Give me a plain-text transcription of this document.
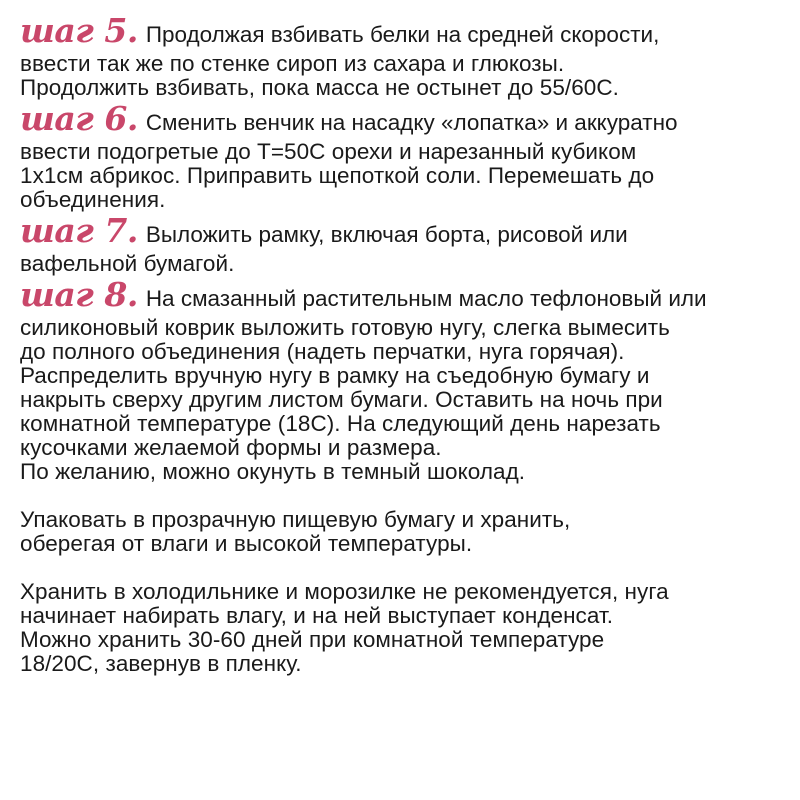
шаг 5. Продолжая взбивать белки на средней скорости,
ввести так же по стенке сироп из сахара и глюкозы.
Продолжить взбивать, пока масса не остынет до 55/60С.
шаг 6. Сменить венчик на насадку «лопатка» и аккуратно
ввести подогретые до Т=50С орехи и нарезанный кубиком
1х1см абрикос. Приправить щепоткой соли. Перемешать до
объединения.
шаг 7. Выложить рамку, включая борта, рисовой или
вафельной бумагой.
шаг 8. На смазанный растительным масло тефлоновый или
силиконовый коврик выложить готовую нугу, слегка вымесить
до полного объединения (надеть перчатки, нуга горячая).
Распределить вручную нугу в рамку на съедобную бумагу и
накрыть сверху другим листом бумаги. Оставить на ночь при
комнатной температуре (18С). На следующий день нарезать
кусочками желаемой формы и размера.
По желанию, можно окунуть в темный шоколад.
Упаковать в прозрачную пищевую бумагу и хранить,
оберегая от влаги и высокой температуры.
Хранить в холодильнике и морозилке не рекомендуется, нуга
начинает набирать влагу, и на ней выступает конденсат.
Можно хранить 30-60 дней при комнатной температуре
18/20С, завернув в пленку.
